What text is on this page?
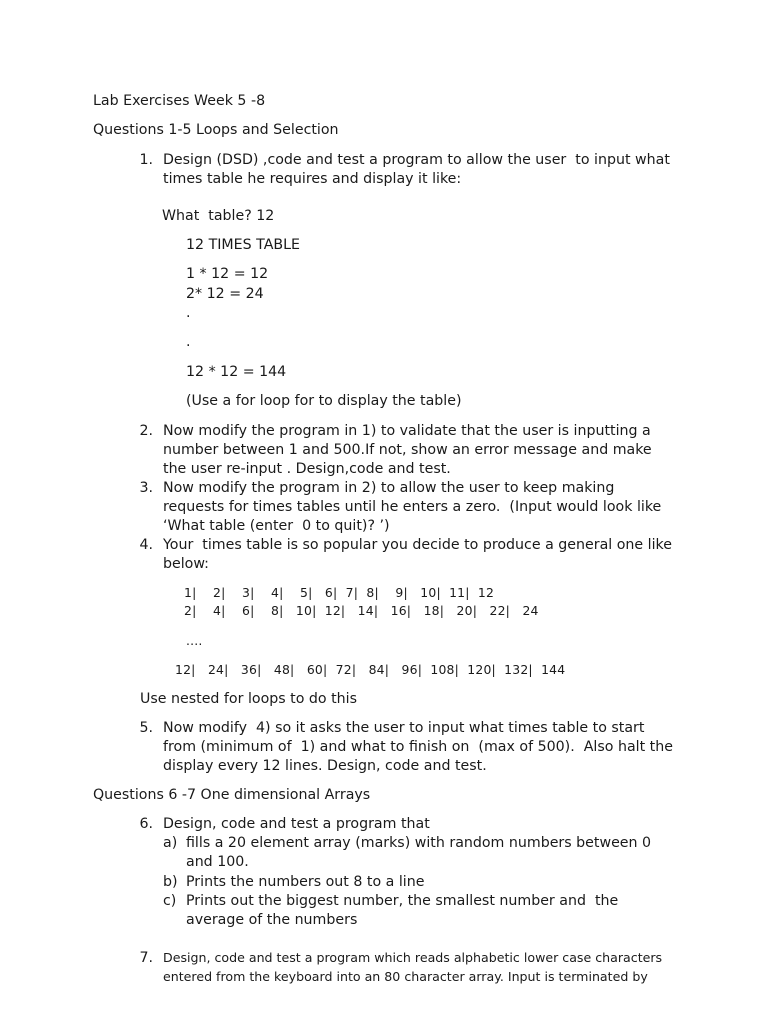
Lab Exercises Week 5 -8
Questions 1-5 Loops and Selection
1. Design (DSD) ,code and test a program to allow the user  to input what
times table he requires and display it like:
What  table? 12
12 TIMES TABLE
1 * 12 = 12
2* 12 = 24
.
.
12 * 12 = 144
(Use a for loop for to display the table)
2. Now modify the program in 1) to validate that the user is inputting a
number between 1 and 500.If not, show an error message and make
the user re-input . Design,code and test.
3. Now modify the program in 2) to allow the user to keep making
requests for times tables until he enters a zero.  (Input would look like
‘What table (enter  0 to quit)? ’)
4. Your  times table is so popular you decide to produce a general one like
below:
1|    2|    3|    4|    5|   6|  7|  8|    9|   10|  11|  12
2|    4|    6|    8|   10|  12|   14|   16|   18|   20|   22|   24
....
12|   24|   36|   48|   60|  72|   84|   96|  108|  120|  132|  144
Use nested for loops to do this
5. Now modify  4) so it asks the user to input what times table to start
from (minimum of  1) and what to finish on  (max of 500).  Also halt the
display every 12 lines. Design, code and test.
Questions 6 -7 One dimensional Arrays
6. Design, code and test a program that
a) fills a 20 element array (marks) with random numbers between 0
and 100.
b) Prints the numbers out 8 to a line
c) Prints out the biggest number, the smallest number and  the
average of the numbers
7. Design, code and test a program which reads alphabetic lower case characters
entered from the keyboard into an 80 character array. Input is terminated by
